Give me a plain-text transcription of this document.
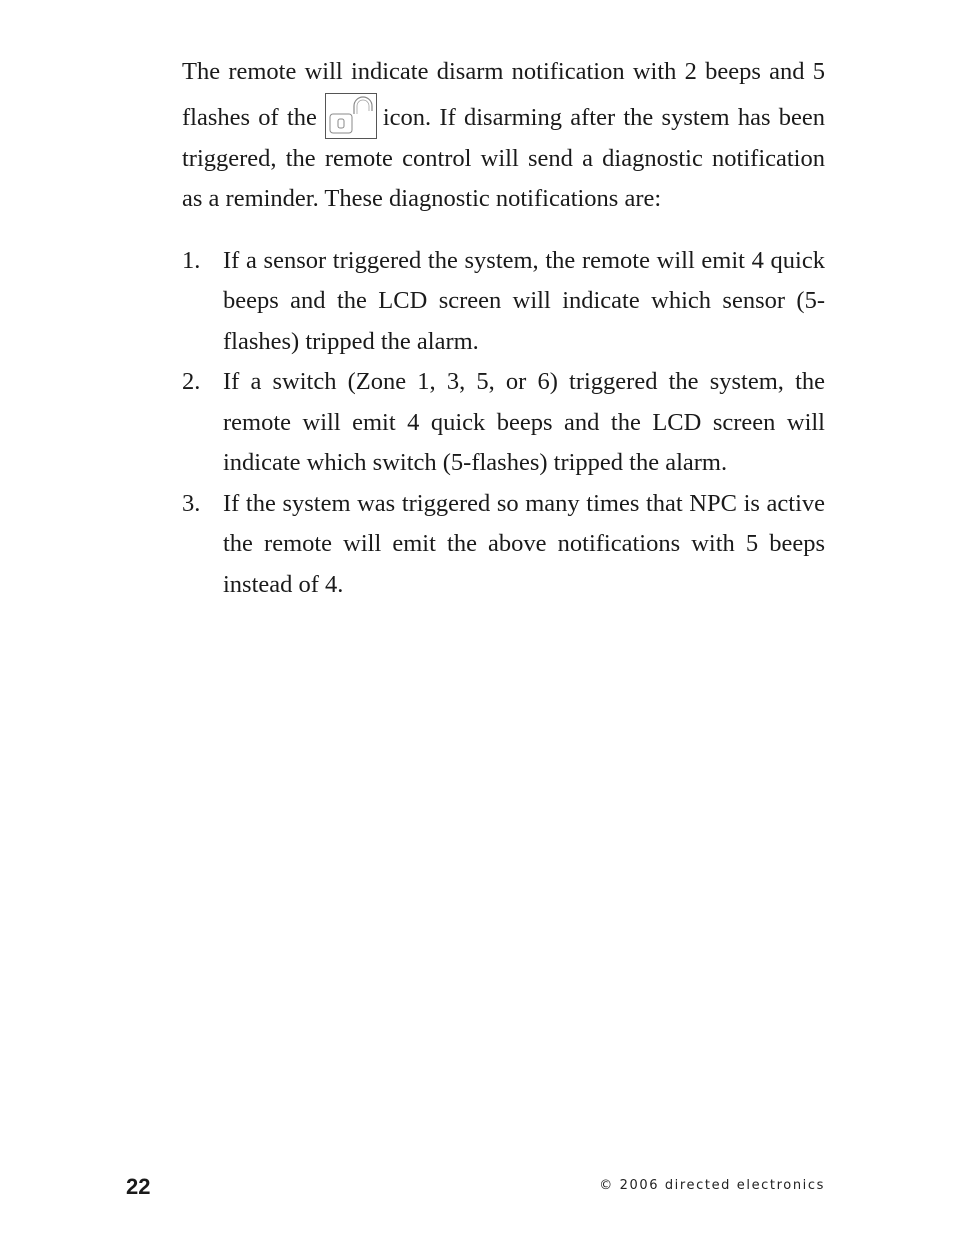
The remote will indicate disarm notification with 2 beeps and 5 flashes of the	icon. If disarming after the system has been triggered, the remote control will send a diagnostic notification as a reminder. These diagnostic notifications are:

1. If a sensor triggered the system, the remote will emit 4 quick beeps and the LCD screen will indicate which sensor (5-flashes) tripped the alarm.
2. If a switch (Zone 1, 3, 5, or 6) triggered the system, the remote will emit 4 quick beeps and the LCD screen will indicate which switch (5-flashes) tripped the alarm.
3. If the system was triggered so many times that NPC is active the remote will emit the above notifications with 5 beeps instead of 4.
22	© 2006 directed electronics
